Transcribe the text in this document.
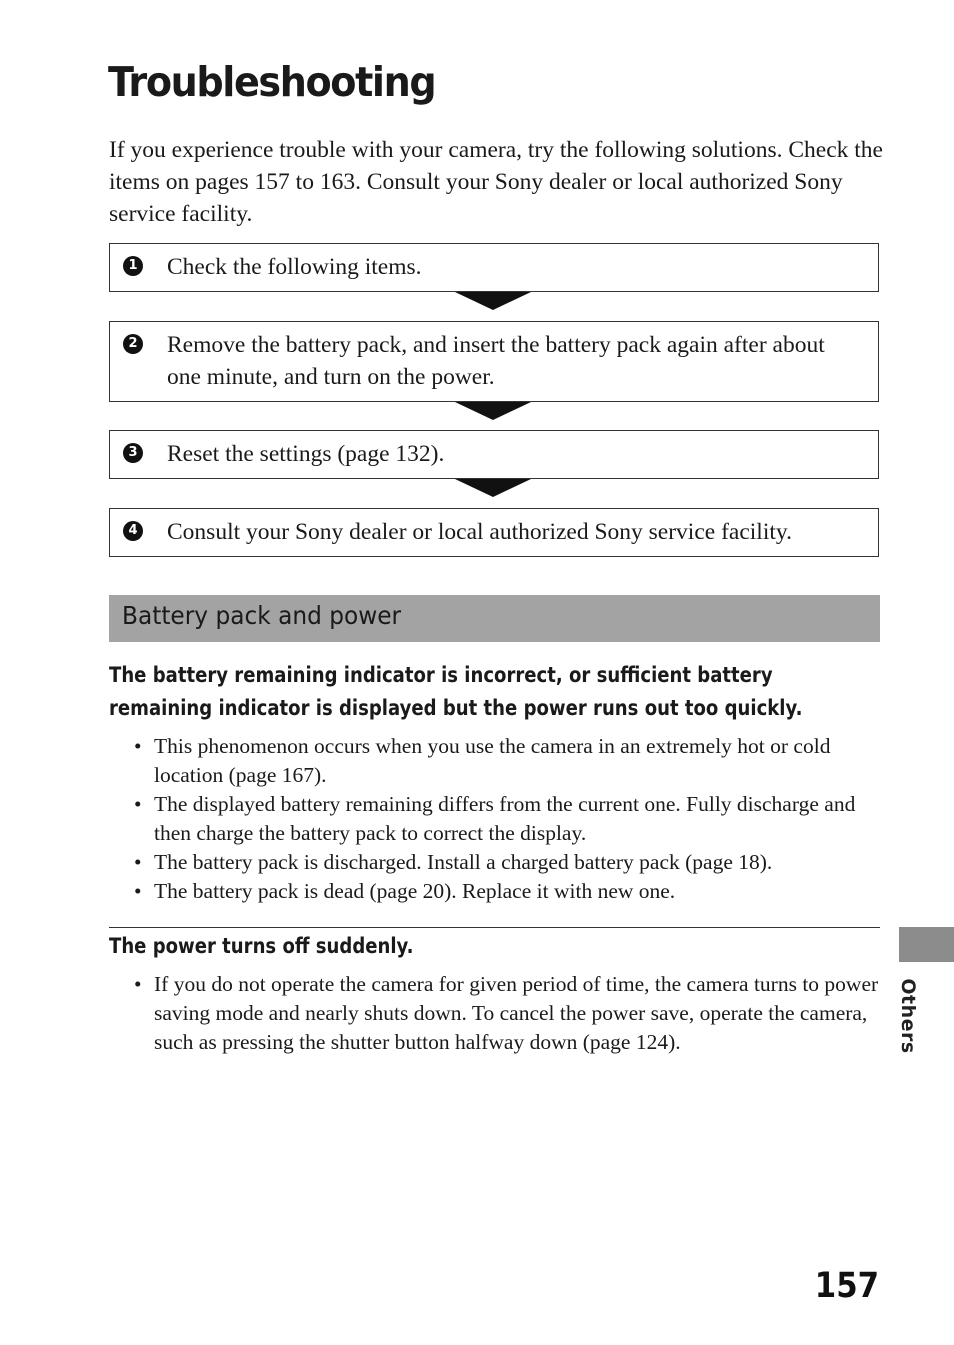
Troubleshooting

If you experience trouble with your camera, try the following solutions. Check the items on pages 157 to 163. Consult your Sony dealer or local authorized Sony service facility.

1 Check the following items.
2 Remove the battery pack, and insert the battery pack again after about one minute, and turn on the power.
3 Reset the settings (page 132).
4 Consult your Sony dealer or local authorized Sony service facility.
Battery pack and power
The battery remaining indicator is incorrect, or sufficient battery
remaining indicator is displayed but the power runs out too quickly.
• This phenomenon occurs when you use the camera in an extremely hot or cold location (page 167).
• The displayed battery remaining differs from the current one. Fully discharge and then charge the battery pack to correct the display.
• The battery pack is discharged. Install a charged battery pack (page 18).
• The battery pack is dead (page 20). Replace it with new one.
The power turns off suddenly.
• If you do not operate the camera for given period of time, the camera turns to power saving mode and nearly shuts down. To cancel the power save, operate the camera, such as pressing the shutter button halfway down (page 124).	Others
157
